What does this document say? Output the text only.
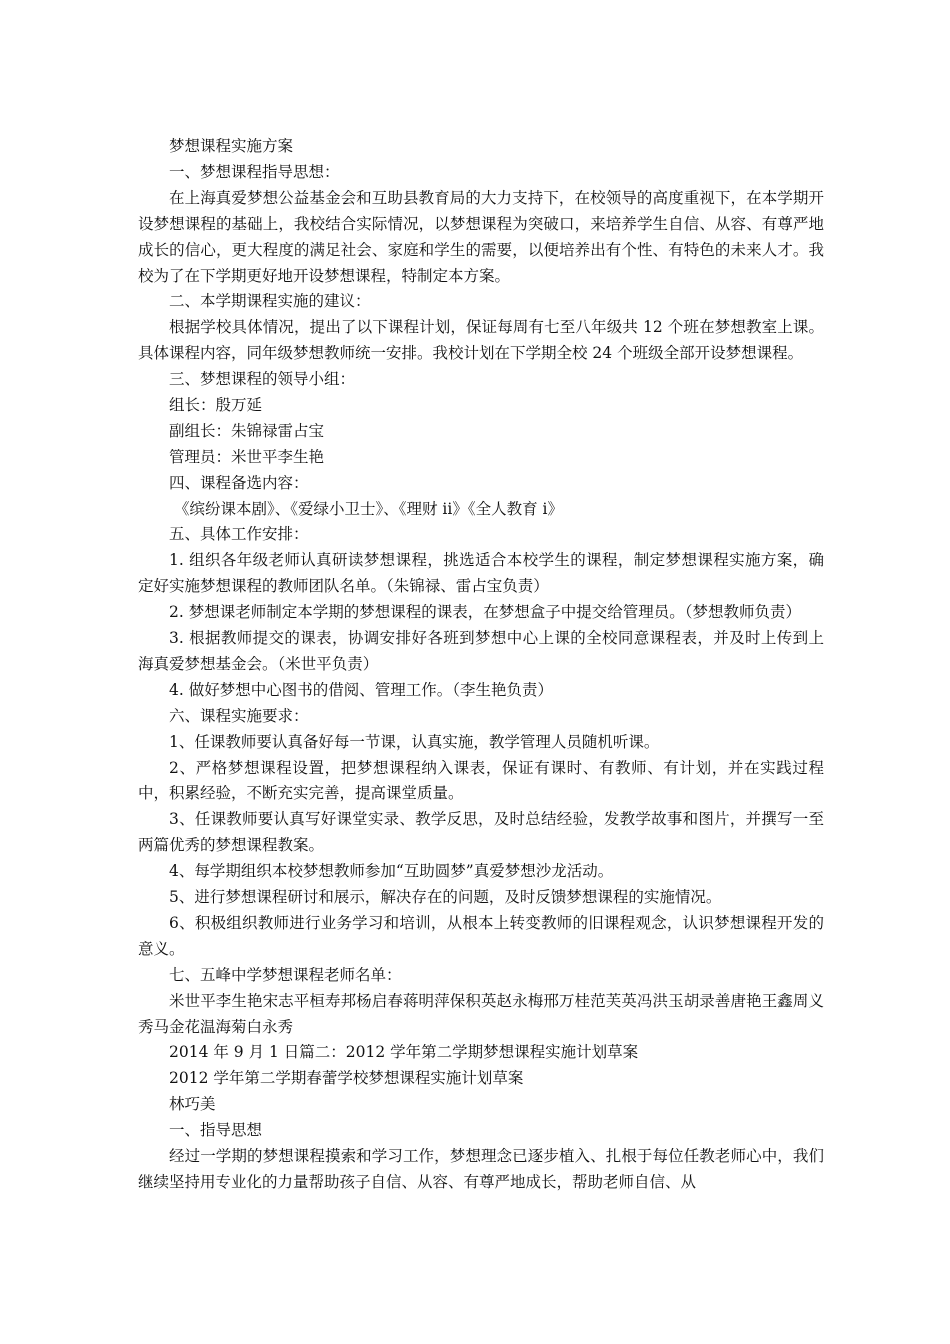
梦想课程实施方案
一、梦想课程指导思想：
在上海真爱梦想公益基金会和互助县教育局的大力支持下，在校领导的高度重视下，在本学期开设梦想课程的基础上，我校结合实际情况，以梦想课程为突破口，来培养学生自信、从容、有尊严地成长的信心，更大程度的满足社会、家庭和学生的需要，以便培养出有个性、有特色的未来人才。我校为了在下学期更好地开设梦想课程，特制定本方案。
二、本学期课程实施的建议：
根据学校具体情况，提出了以下课程计划，保证每周有七至八年级共 12 个班在梦想教室上课。具体课程内容，同年级梦想教师统一安排。我校计划在下学期全校 24 个班级全部开设梦想课程。
三、梦想课程的领导小组：
组长：殷万延
副组长：朱锦禄雷占宝
管理员：米世平李生艳
四、课程备选内容：
《缤纷课本剧》、《爱绿小卫士》、《理财 ii》《全人教育 i》
五、具体工作安排：
1. 组织各年级老师认真研读梦想课程，挑选适合本校学生的课程，制定梦想课程实施方案，确定好实施梦想课程的教师团队名单。（朱锦禄、雷占宝负责）
2. 梦想课老师制定本学期的梦想课程的课表，在梦想盒子中提交给管理员。（梦想教师负责）
3. 根据教师提交的课表，协调安排好各班到梦想中心上课的全校同意课程表，并及时上传到上海真爱梦想基金会。（米世平负责）
4. 做好梦想中心图书的借阅、管理工作。（李生艳负责）
六、课程实施要求：
1、任课教师要认真备好每一节课，认真实施，教学管理人员随机听课。
2、严格梦想课程设置，把梦想课程纳入课表，保证有课时、有教师、有计划，并在实践过程中，积累经验，不断充实完善，提高课堂质量。
3、任课教师要认真写好课堂实录、教学反思，及时总结经验，发教学故事和图片，并撰写一至两篇优秀的梦想课程教案。
4、每学期组织本校梦想教师参加“互助圆梦”真爱梦想沙龙活动。
5、进行梦想课程研讨和展示，解决存在的问题，及时反馈梦想课程的实施情况。
6、积极组织教师进行业务学习和培训，从根本上转变教师的旧课程观念，认识梦想课程开发的意义。
七、五峰中学梦想课程老师名单：
米世平李生艳宋志平桓寿邦杨启春蒋明萍保积英赵永梅邢万桂范芙英冯洪玉胡录善唐艳王鑫周义秀马金花温海菊白永秀
2014 年 9 月 1 日篇二：2012 学年第二学期梦想课程实施计划草案
2012 学年第二学期春蕾学校梦想课程实施计划草案
林巧美
一、指导思想
经过一学期的梦想课程摸索和学习工作，梦想理念已逐步植入、扎根于每位任教老师心中，我们继续坚持用专业化的力量帮助孩子自信、从容、有尊严地成长，帮助老师自信、从
